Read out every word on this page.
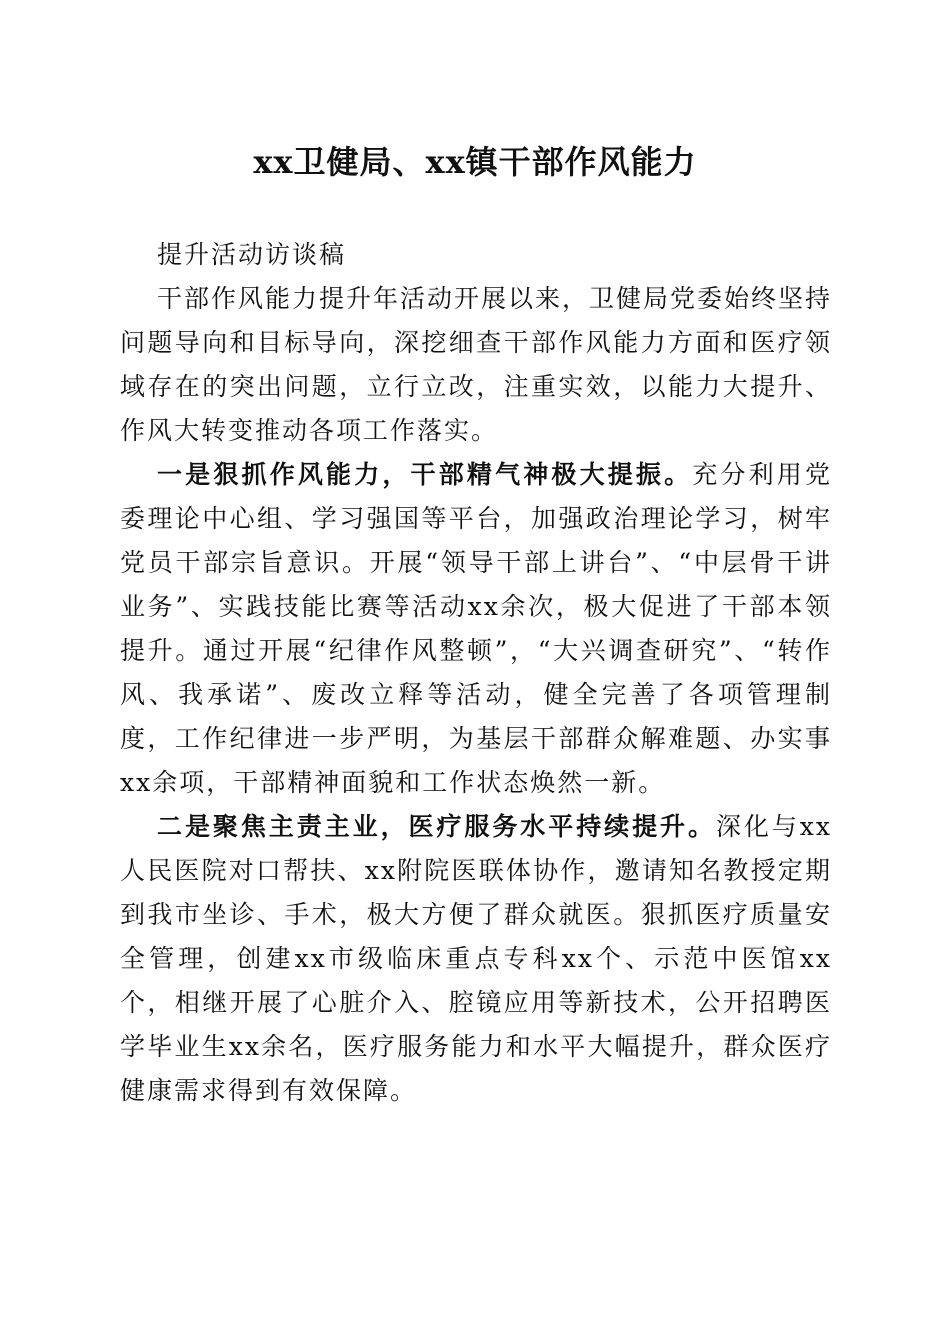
xx卫健局、xx镇干部作风能力

提升活动访谈稿

干部作风能力提升年活动开展以来，卫健局党委始终坚持问题导向和目标导向，深挖细查干部作风能力方面和医疗领域存在的突出问题，立行立改，注重实效，以能力大提升、作风大转变推动各项工作落实。

一是狠抓作风能力，干部精气神极大提振。充分利用党委理论中心组、学习强国等平台，加强政治理论学习，树牢党员干部宗旨意识。开展“领导干部上讲台”、“中层骨干讲业务”、实践技能比赛等活动xx余次，极大促进了干部本领提升。通过开展“纪律作风整顿”，“大兴调查研究”、“转作风、我承诺”、废改立释等活动，健全完善了各项管理制度，工作纪律进一步严明，为基层干部群众解难题、办实事xx余项，干部精神面貌和工作状态焕然一新。

二是聚焦主责主业，医疗服务水平持续提升。深化与xx人民医院对口帮扶、xx附院医联体协作，邀请知名教授定期到我市坐诊、手术，极大方便了群众就医。狠抓医疗质量安全管理，创建xx市级临床重点专科xx个、示范中医馆xx个，相继开展了心脏介入、腔镜应用等新技术，公开招聘医学毕业生xx余名，医疗服务能力和水平大幅提升，群众医疗健康需求得到有效保障。
